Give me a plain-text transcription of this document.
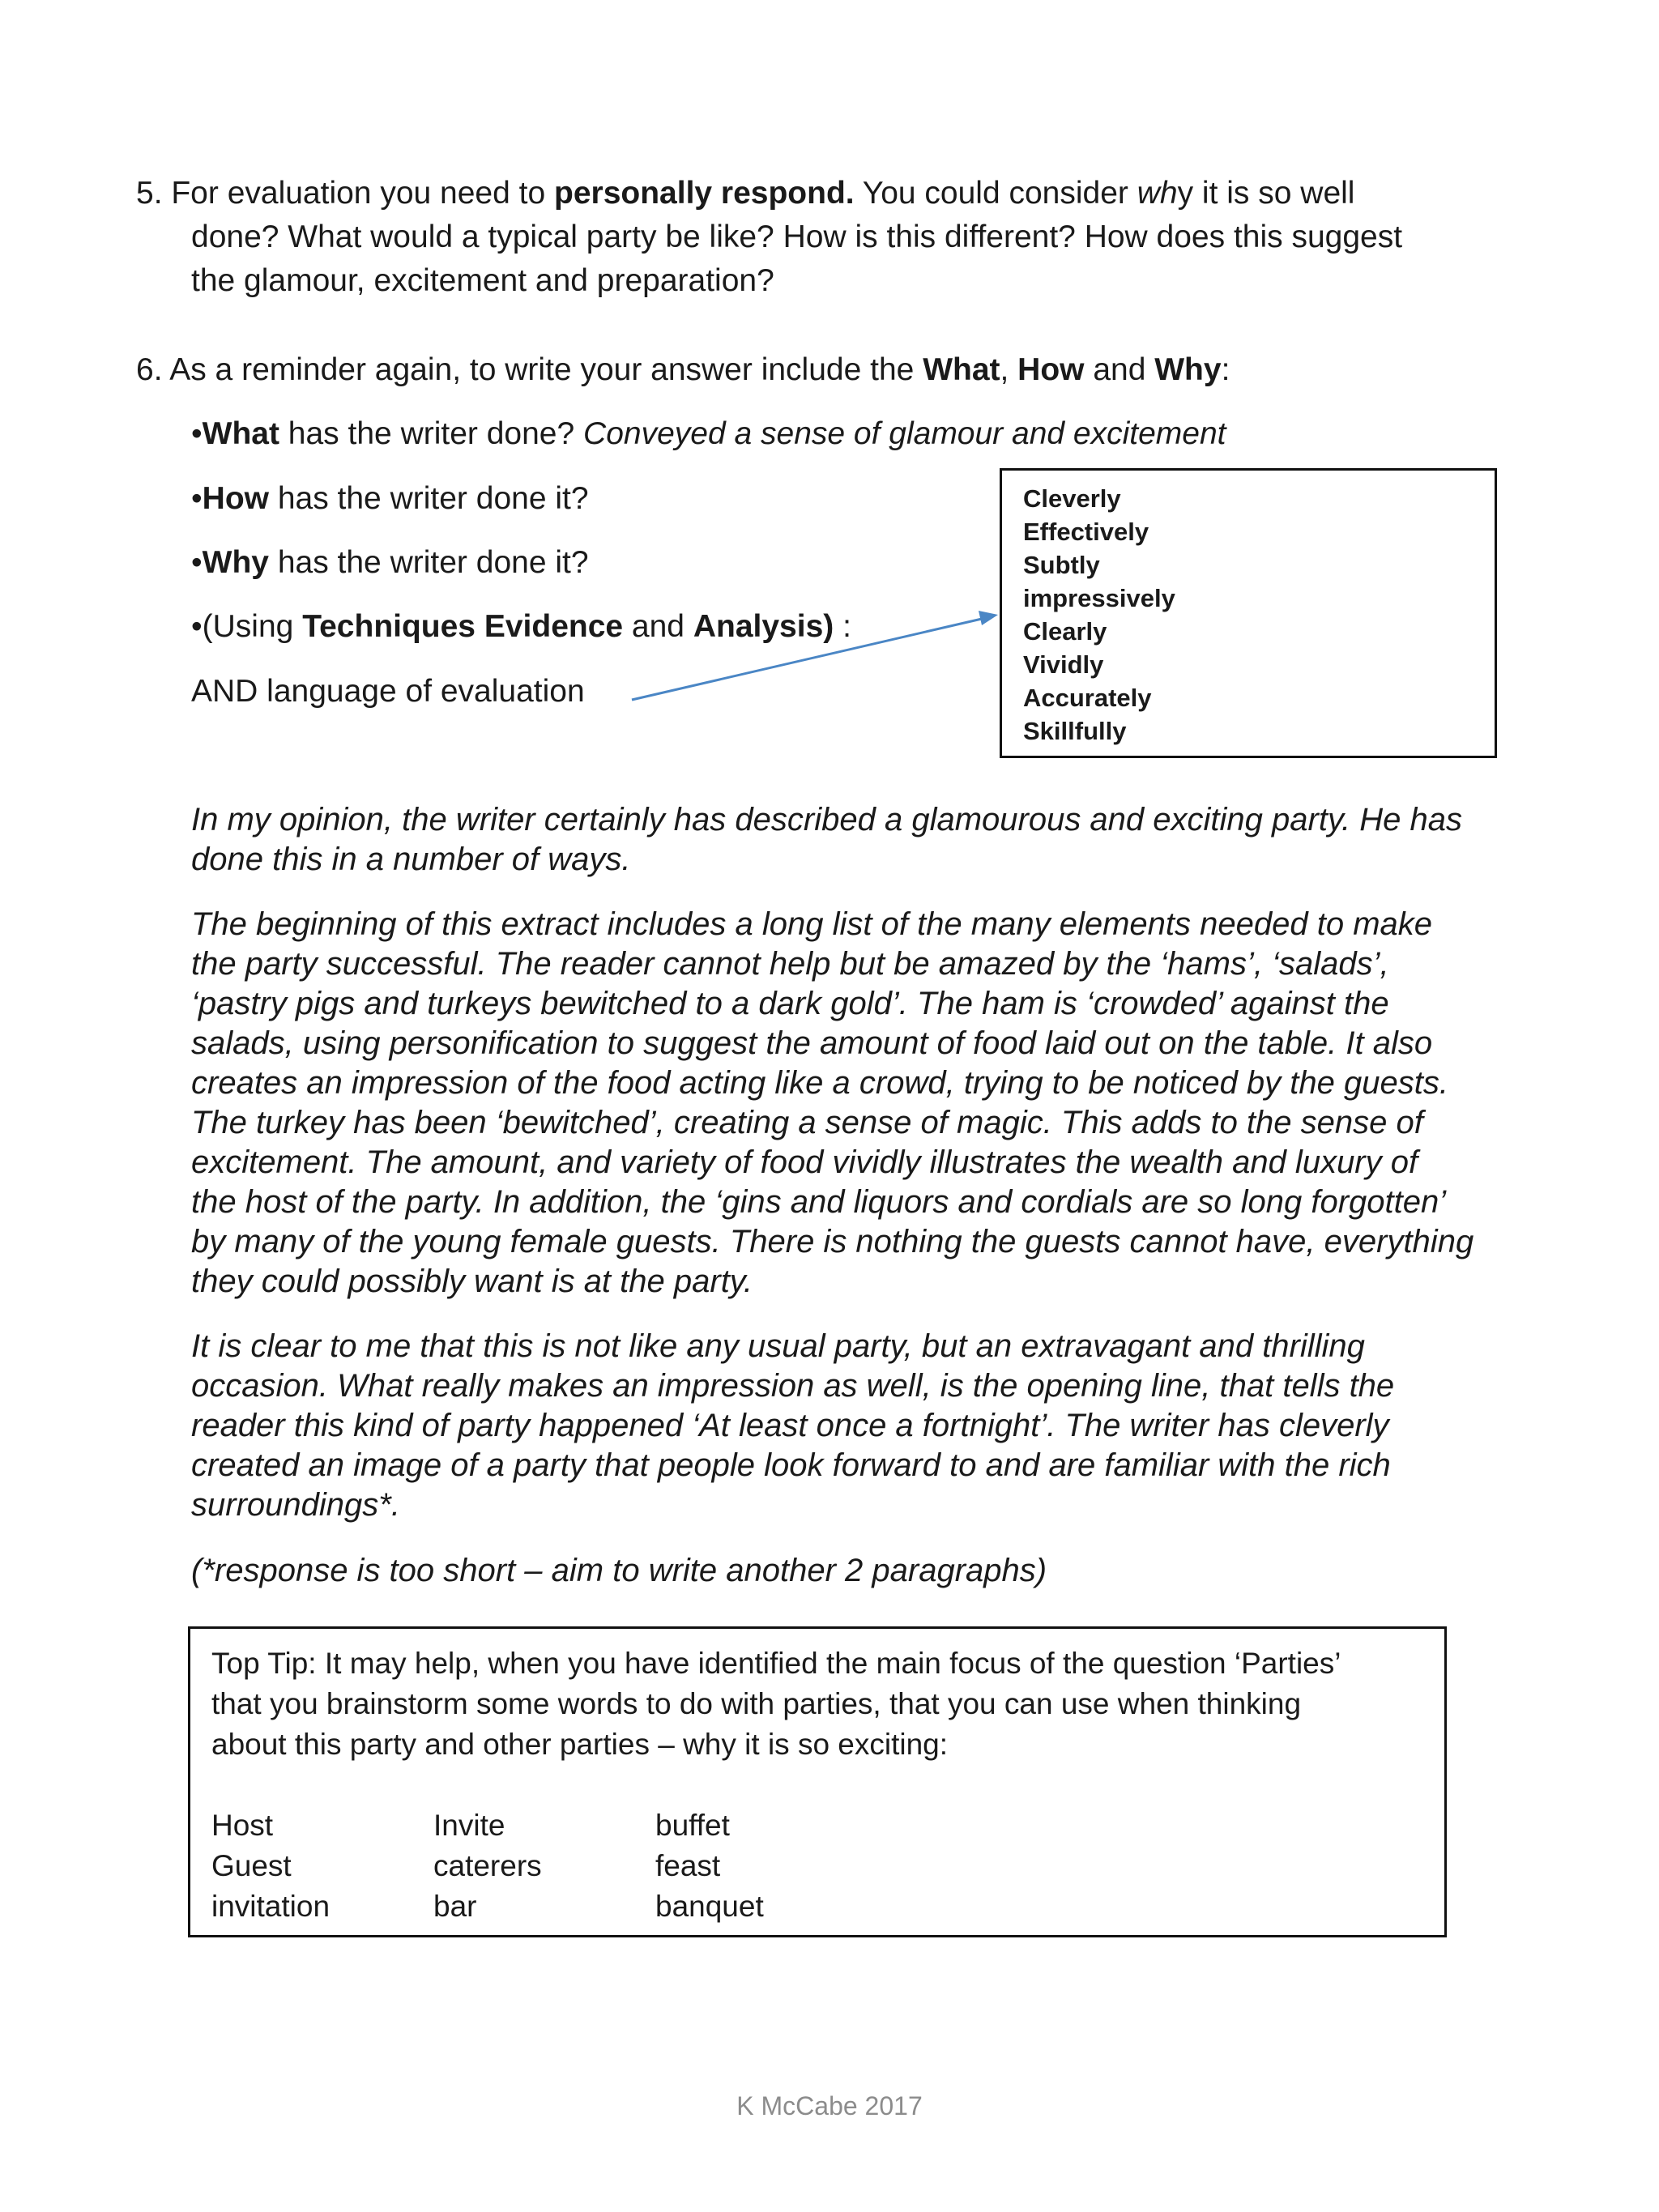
5. For evaluation you need to personally respond. You could consider why it is so well
done? What would a typical party be like? How is this different? How does this suggest
the glamour, excitement and preparation?
6. As a reminder again, to write your answer include the What, How and Why:
•What has the writer done? Conveyed a sense of glamour and excitement
•How has the writer done it?
•Why has the writer done it?
•(Using Techniques Evidence and Analysis) :
AND language of evaluation
Cleverly
Effectively
Subtly
impressively
Clearly
Vividly
Accurately
Skillfully
In my opinion, the writer certainly has described a glamourous and exciting party. He has
done this in a number of ways.
The beginning of this extract includes a long list of the many elements needed to make
the party successful. The reader cannot help but be amazed by the ‘hams’, ‘salads’,
‘pastry pigs and turkeys bewitched to a dark gold’. The ham is ‘crowded’ against the
salads, using personification to suggest the amount of food laid out on the table. It also
creates an impression of the food acting like a crowd, trying to be noticed by the guests.
The turkey has been ‘bewitched’, creating a sense of magic. This adds to the sense of
excitement. The amount, and variety of food vividly illustrates the wealth and luxury of
the host of the party. In addition, the ‘gins and liquors and cordials are so long forgotten’
by many of the young female guests. There is nothing the guests cannot have, everything
they could possibly want is at the party.
It is clear to me that this is not like any usual party, but an extravagant and thrilling
occasion. What really makes an impression as well, is the opening line, that tells the
reader this kind of party happened ‘At least once a fortnight’. The writer has cleverly
created an image of a party that people look forward to and are familiar with the rich
surroundings*.
(*response is too short – aim to write another 2 paragraphs)
Top Tip: It may help, when you have identified the main focus of the question ‘Parties’
that you brainstorm some words to do with parties, that you can use when thinking
about this party and other parties – why it is so exciting:
Host
Guest
invitation
Invite
caterers
bar
buffet
feast
banquet
K McCabe 2017
